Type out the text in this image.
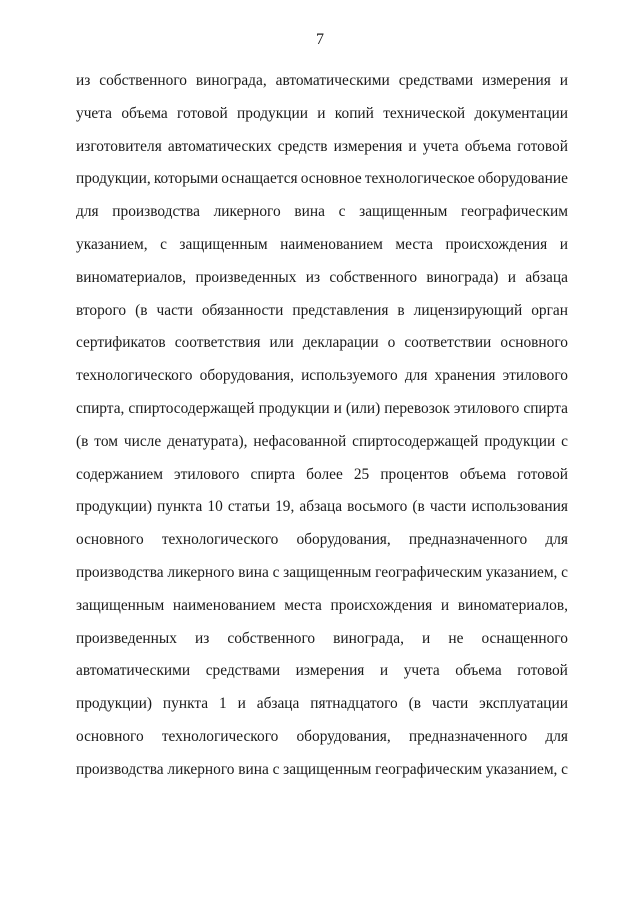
7
из собственного винограда, автоматическими средствами измерения и
учета объема готовой продукции и копий технической документации
изготовителя автоматических средств измерения и учета объема готовой
продукции, которыми оснащается основное технологическое оборудование
для производства ликерного вина с защищенным географическим
указанием, с защищенным наименованием места происхождения и
виноматериалов, произведенных из собственного винограда) и абзаца
второго (в части обязанности представления в лицензирующий орган
сертификатов соответствия или декларации о соответствии основного
технологического оборудования, используемого для хранения этилового
спирта, спиртосодержащей продукции и (или) перевозок этилового спирта
(в том числе денатурата), нефасованной спиртосодержащей продукции с
содержанием этилового спирта более 25 процентов объема готовой
продукции) пункта 10 статьи 19, абзаца восьмого (в части использования
основного технологического оборудования, предназначенного для
производства ликерного вина с защищенным географическим указанием, с
защищенным наименованием места происхождения и виноматериалов,
произведенных из собственного винограда, и не оснащенного
автоматическими средствами измерения и учета объема готовой
продукции) пункта 1 и абзаца пятнадцатого (в части эксплуатации
основного технологического оборудования, предназначенного для
производства ликерного вина с защищенным географическим указанием, с
